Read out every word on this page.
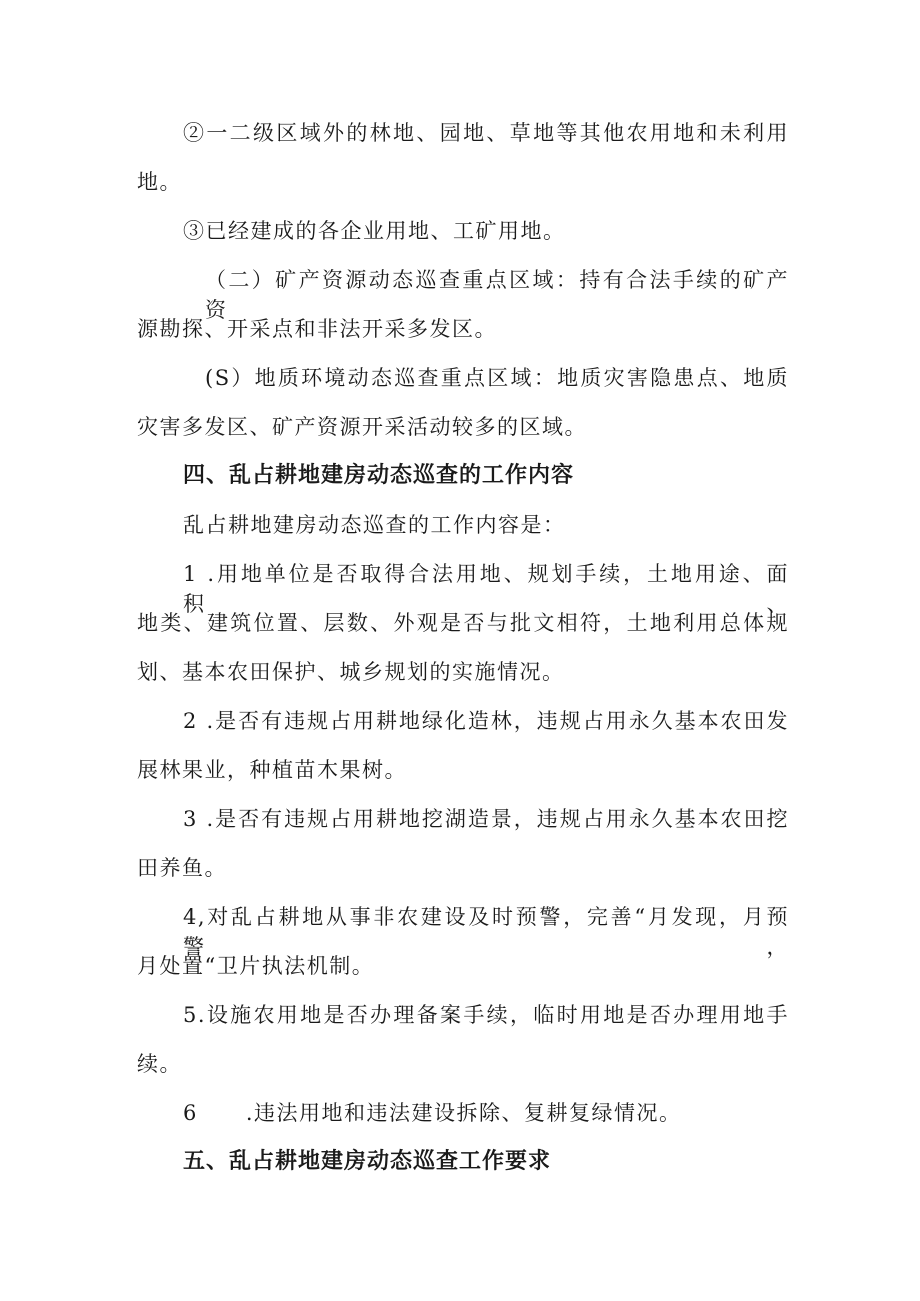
②一二级区域外的林地、园地、草地等其他农用地和未利用
地。
③已经建成的各企业用地、工矿用地。
（二）矿产资源动态巡查重点区域：持有合法手续的矿产资
源勘探、开采点和非法开采多发区。
(S）地质环境动态巡查重点区域：地质灾害隐患点、地质
灾害多发区、矿产资源开采活动较多的区域。
四、乱占耕地建房动态巡查的工作内容
乱占耕地建房动态巡查的工作内容是：
1 .用地单位是否取得合法用地、规划手续，土地用途、面积、
地类、建筑位置、层数、外观是否与批文相符，土地利用总体规
划、基本农田保护、城乡规划的实施情况。
2 .是否有违规占用耕地绿化造林，违规占用永久基本农田发
展林果业，种植苗木果树。
3 .是否有违规占用耕地挖湖造景，违规占用永久基本农田挖
田养鱼。
4,对乱占耕地从事非农建设及时预警，完善“月发现，月预警，
月处置“卫片执法机制。
5.设施农用地是否办理备案手续，临时用地是否办理用地手
续。
6 .违法用地和违法建设拆除、复耕复绿情况。
五、乱占耕地建房动态巡查工作要求
